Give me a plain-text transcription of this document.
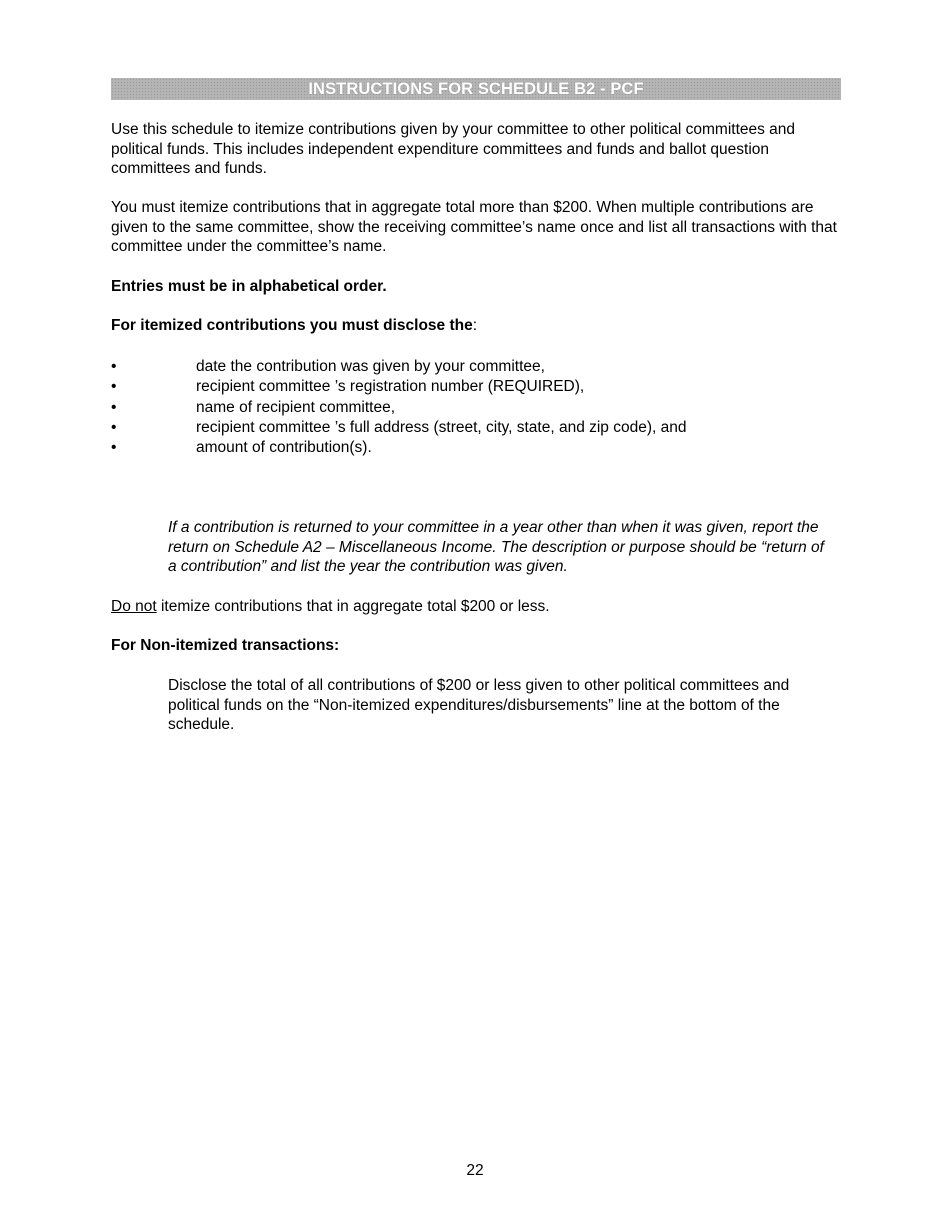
INSTRUCTIONS FOR SCHEDULE B2 - PCF

Use this schedule to itemize contributions given by your committee to other political committees and political funds. This includes independent expenditure committees and funds and ballot question committees and funds.

You must itemize contributions that in aggregate total more than $200. When multiple contributions are given to the same committee, show the receiving committee’s name once and list all transactions with that committee under the committee’s name.

Entries must be in alphabetical order.

For itemized contributions you must disclose the:

•	date the contribution was given by your committee,
•	recipient committee ’s registration number (REQUIRED),
•	name of recipient committee,
•	recipient committee ’s full address (street, city, state, and zip code), and
•	amount of contribution(s).

If a contribution is returned to your committee in a year other than when it was given, report the return on Schedule A2 – Miscellaneous Income. The description or purpose should be “return of a contribution” and list the year the contribution was given.

Do not itemize contributions that in aggregate total $200 or less.

For Non-itemized transactions:

Disclose the total of all contributions of $200 or less given to other political committees and political funds on the “Non-itemized expenditures/disbursements” line at the bottom of the schedule.

22
